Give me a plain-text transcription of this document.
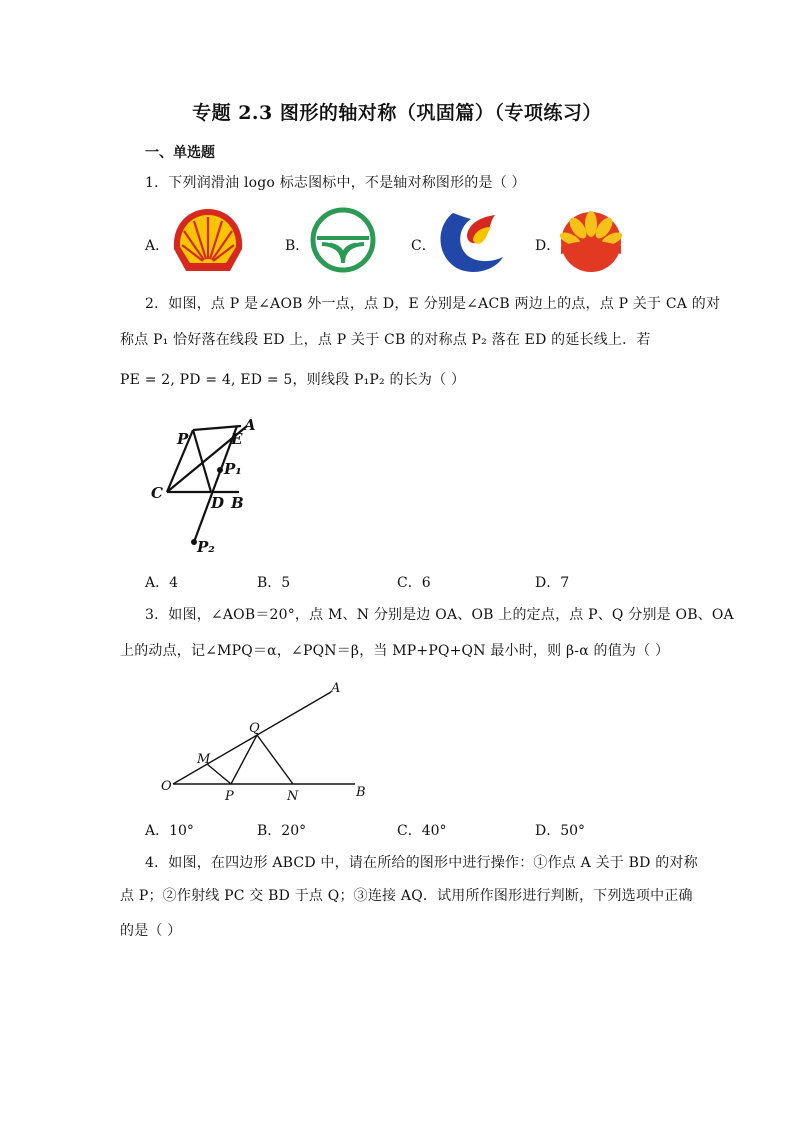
专题 2.3 图形的轴对称（巩固篇）（专项练习）
一、单选题
1．下列润滑油 logo 标志图标中，不是轴对称图形的是（ ）
A．	B．	C．	D．
2．如图，点 P 是∠AOB 外一点，点 D，E 分别是∠ACB 两边上的点，点 P 关于 CA 的对
称点 P₁ 恰好落在线段 ED 上，点 P 关于 CB 的对称点 P₂ 落在 ED 的延长线上．若
PE = 2, PD = 4, ED = 5，则线段 P₁P₂ 的长为（ ）
P	E
A
P₁
C
D B
P₂
A．4	B．5	C．6	D．7
3．如图，∠AOB＝20°，点 M、N 分别是边 OA、OB 上的定点，点 P、Q 分别是 OB、OA
上的动点，记∠MPQ＝α，∠PQN＝β，当 MP+PQ+QN 最小时，则 β-α 的值为（ ）
A
Q
M
O
P	N	B
A．10°	B．20°	C．40°	D．50°
4．如图，在四边形 ABCD 中，请在所给的图形中进行操作：①作点 A 关于 BD 的对称
点 P；②作射线 PC 交 BD 于点 Q；③连接 AQ．试用所作图形进行判断，下列选项中正确
的是（ ）
